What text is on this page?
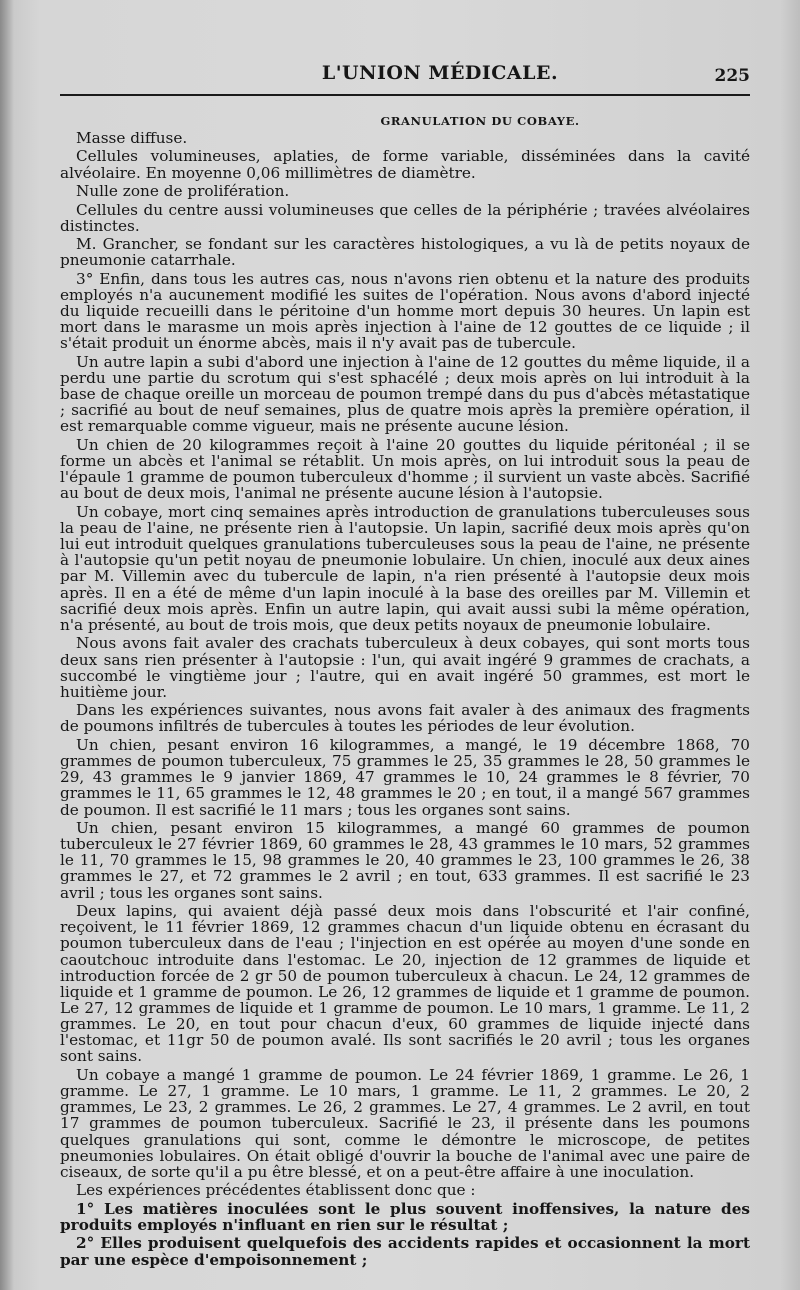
L'UNION MÉDICALE.	225
GRANULATION DU COBAYE.

Masse diffuse.

Cellules volumineuses, aplaties, de forme variable, disséminées dans la cavité alvéolaire. En moyenne 0,06 millimètres de diamètre.

Nulle zone de prolifération.

Cellules du centre aussi volumineuses que celles de la périphérie ; travées alvéolaires distinctes.

M. Grancher, se fondant sur les caractères histologiques, a vu là de petits noyaux de pneumonie catarrhale.

3° Enfin, dans tous les autres cas, nous n'avons rien obtenu et la nature des produits employés n'a aucunement modifié les suites de l'opération. Nous avons d'abord injecté du liquide recueilli dans le péritoine d'un homme mort depuis 30 heures. Un lapin est mort dans le marasme un mois après injection à l'aine de 12 gouttes de ce liquide ; il s'était produit un énorme abcès, mais il n'y avait pas de tubercule.

Un autre lapin a subi d'abord une injection à l'aine de 12 gouttes du même liquide, il a perdu une partie du scrotum qui s'est sphacélé ; deux mois après on lui introduit à la base de chaque oreille un morceau de poumon trempé dans du pus d'abcès métastatique ; sacrifié au bout de neuf semaines, plus de quatre mois après la première opération, il est remarquable comme vigueur, mais ne présente aucune lésion.

Un chien de 20 kilogrammes reçoit à l'aine 20 gouttes du liquide péritonéal ; il se forme un abcès et l'animal se rétablit. Un mois après, on lui introduit sous la peau de l'épaule 1 gramme de poumon tuberculeux d'homme ; il survient un vaste abcès. Sacrifié au bout de deux mois, l'animal ne présente aucune lésion à l'autopsie.

Un cobaye, mort cinq semaines après introduction de granulations tuberculeuses sous la peau de l'aine, ne présente rien à l'autopsie. Un lapin, sacrifié deux mois après qu'on lui eut introduit quelques granulations tuberculeuses sous la peau de l'aine, ne présente à l'autopsie qu'un petit noyau de pneumonie lobulaire. Un chien, inoculé aux deux aines par M. Villemin avec du tubercule de lapin, n'a rien présenté à l'autopsie deux mois après. Il en a été de même d'un lapin inoculé à la base des oreilles par M. Villemin et sacrifié deux mois après. Enfin un autre lapin, qui avait aussi subi la même opération, n'a présenté, au bout de trois mois, que deux petits noyaux de pneumonie lobulaire.

Nous avons fait avaler des crachats tuberculeux à deux cobayes, qui sont morts tous deux sans rien présenter à l'autopsie : l'un, qui avait ingéré 9 grammes de crachats, a succombé le vingtième jour ; l'autre, qui en avait ingéré 50 grammes, est mort le huitième jour.

Dans les expériences suivantes, nous avons fait avaler à des animaux des fragments de poumons infiltrés de tubercules à toutes les périodes de leur évolution.

Un chien, pesant environ 16 kilogrammes, a mangé, le 19 décembre 1868, 70 grammes de poumon tuberculeux, 75 grammes le 25, 35 grammes le 28, 50 grammes le 29, 43 grammes le 9 janvier 1869, 47 grammes le 10, 24 grammes le 8 février, 70 grammes le 11, 65 grammes le 12, 48 grammes le 20 ; en tout, il a mangé 567 grammes de poumon. Il est sacrifié le 11 mars ; tous les organes sont sains.

Un chien, pesant environ 15 kilogrammes, a mangé 60 grammes de poumon tuberculeux le 27 février 1869, 60 grammes le 28, 43 grammes le 10 mars, 52 grammes le 11, 70 grammes le 15, 98 grammes le 20, 40 grammes le 23, 100 grammes le 26, 38 grammes le 27, et 72 grammes le 2 avril ; en tout, 633 grammes. Il est sacrifié le 23 avril ; tous les organes sont sains.

Deux lapins, qui avaient déjà passé deux mois dans l'obscurité et l'air confiné, reçoivent, le 11 février 1869, 12 grammes chacun d'un liquide obtenu en écrasant du poumon tuberculeux dans de l'eau ; l'injection en est opérée au moyen d'une sonde en caoutchouc introduite dans l'estomac. Le 20, injection de 12 grammes de liquide et introduction forcée de 2 gr 50 de poumon tuberculeux à chacun. Le 24, 12 grammes de liquide et 1 gramme de poumon. Le 26, 12 grammes de liquide et 1 gramme de poumon. Le 27, 12 grammes de liquide et 1 gramme de poumon. Le 10 mars, 1 gramme. Le 11, 2 grammes. Le 20, en tout pour chacun d'eux, 60 grammes de liquide injecté dans l'estomac, et 11gr 50 de poumon avalé. Ils sont sacrifiés le 20 avril ; tous les organes sont sains.

Un cobaye a mangé 1 gramme de poumon. Le 24 février 1869, 1 gramme. Le 26, 1 gramme. Le 27, 1 gramme. Le 10 mars, 1 gramme. Le 11, 2 grammes. Le 20, 2 grammes, Le 23, 2 grammes. Le 26, 2 grammes. Le 27, 4 grammes. Le 2 avril, en tout 17 grammes de poumon tuberculeux. Sacrifié le 23, il présente dans les poumons quelques granulations qui sont, comme le démontre le microscope, de petites pneumonies lobulaires. On était obligé d'ouvrir la bouche de l'animal avec une paire de ciseaux, de sorte qu'il a pu être blessé, et on a peut-être affaire à une inoculation.

Les expériences précédentes établissent donc que :

1° Les matières inoculées sont le plus souvent inoffensives, la nature des produits employés n'influant en rien sur le résultat ;

2° Elles produisent quelquefois des accidents rapides et occasionnent la mort par une espèce d'empoisonnement ;
